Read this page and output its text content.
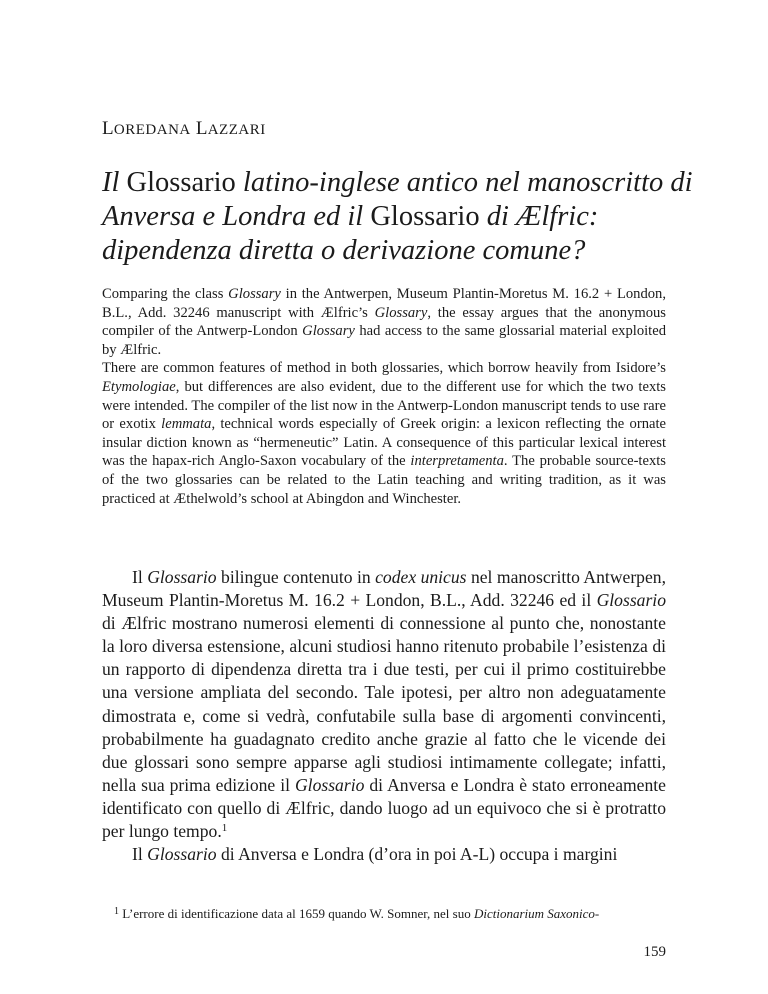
LOREDANA LAZZARI
Il Glossario latino-inglese antico nel manoscritto di Anversa e Londra ed il Glossario di Ælfric: dipendenza diretta o derivazione comune?

Comparing the class Glossary in the Antwerpen, Museum Plantin-Moretus M. 16.2 + London, B.L., Add. 32246 manuscript with Ælfric’s Glossary, the essay argues that the anonymous compiler of the Antwerp-London Glossary had access to the same glossarial material exploited by Ælfric.

There are common features of method in both glossaries, which borrow heavily from Isidore’s Etymologiae, but differences are also evident, due to the different use for which the two texts were intended. The compiler of the list now in the Antwerp-London manuscript tends to use rare or exotix lemmata, technical words especially of Greek origin: a lexicon reflecting the ornate insular diction known as “hermeneutic” Latin. A consequence of this particular lexical interest was the hapax-rich Anglo-Saxon vocabulary of the interpretamenta. The probable source-texts of the two glossaries can be related to the Latin teaching and writing tradition, as it was practiced at Æthelwold’s school at Abingdon and Winchester.

Il Glossario bilingue contenuto in codex unicus nel manoscritto Antwerpen, Museum Plantin-Moretus M. 16.2 + London, B.L., Add. 32246 ed il Glossario di Ælfric mostrano numerosi elementi di connessione al punto che, nonostante la loro diversa estensione, alcuni studiosi hanno ritenuto probabile l’esistenza di un rapporto di dipendenza diretta tra i due testi, per cui il primo costituirebbe una versione ampliata del secondo. Tale ipotesi, per altro non adeguatamente dimostrata e, come si vedrà, confutabile sulla base di argomenti convincenti, probabilmente ha guadagnato credito anche grazie al fatto che le vicende dei due glossari sono sempre apparse agli studiosi intimamente collegate; infatti, nella sua prima edizione il Glossario di Anversa e Londra è stato erroneamente identificato con quello di Ælfric, dando luogo ad un equivoco che si è protratto per lungo tempo.$^1$

Il Glossario di Anversa e Londra (d’ora in poi A-L) occupa i margini

$^1$ L’errore di identificazione data al 1659 quando W. Somner, nel suo Dictionarium Saxonico-
159
